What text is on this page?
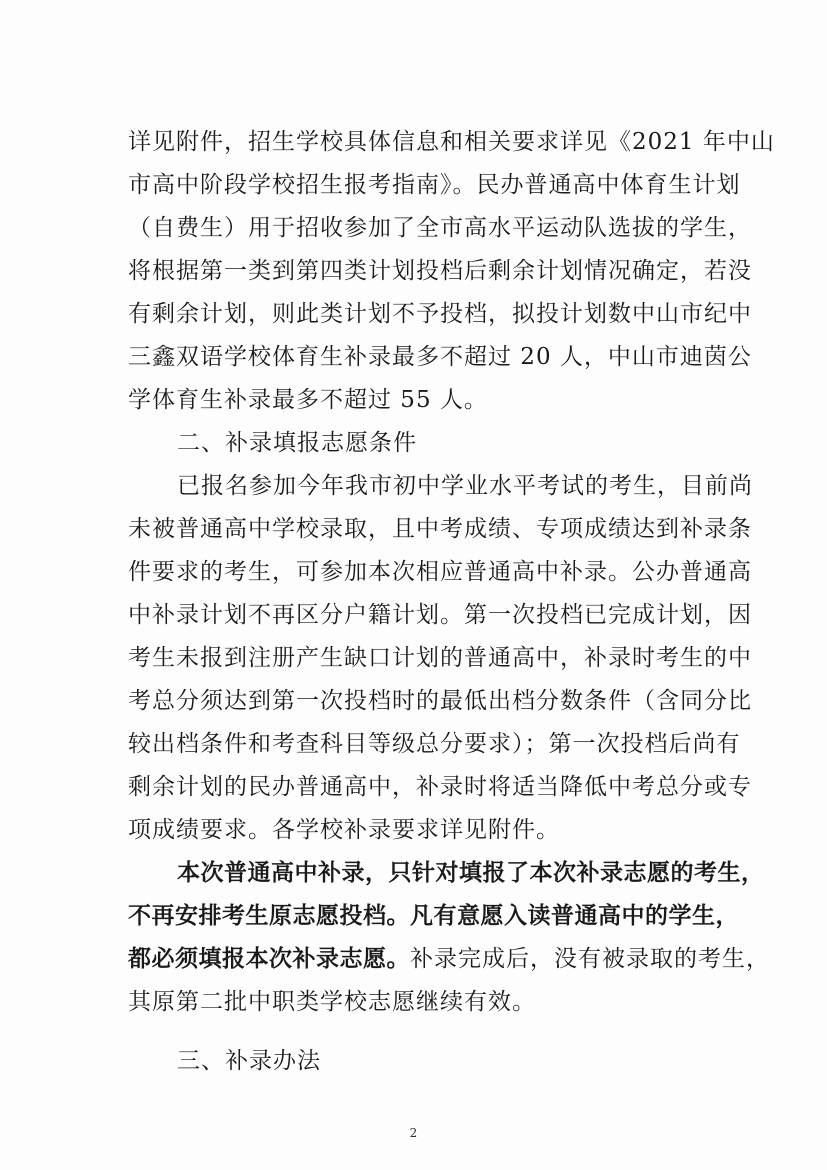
详见附件，招生学校具体信息和相关要求详见《2021 年中山
市高中阶段学校招生报考指南》。民办普通高中体育生计划
（自费生）用于招收参加了全市高水平运动队选拔的学生，
将根据第一类到第四类计划投档后剩余计划情况确定，若没
有剩余计划，则此类计划不予投档，拟投计划数中山市纪中
三鑫双语学校体育生补录最多不超过 20 人，中山市迪茵公
学体育生补录最多不超过 55 人。
二、补录填报志愿条件
已报名参加今年我市初中学业水平考试的考生，目前尚
未被普通高中学校录取，且中考成绩、专项成绩达到补录条
件要求的考生，可参加本次相应普通高中补录。公办普通高
中补录计划不再区分户籍计划。第一次投档已完成计划，因
考生未报到注册产生缺口计划的普通高中，补录时考生的中
考总分须达到第一次投档时的最低出档分数条件（含同分比
较出档条件和考查科目等级总分要求）；第一次投档后尚有
剩余计划的民办普通高中，补录时将适当降低中考总分或专
项成绩要求。各学校补录要求详见附件。
本次普通高中补录，只针对填报了本次补录志愿的考生，
不再安排考生原志愿投档。凡有意愿入读普通高中的学生，
都必须填报本次补录志愿。补录完成后，没有被录取的考生，
其原第二批中职类学校志愿继续有效。
三、补录办法
2
